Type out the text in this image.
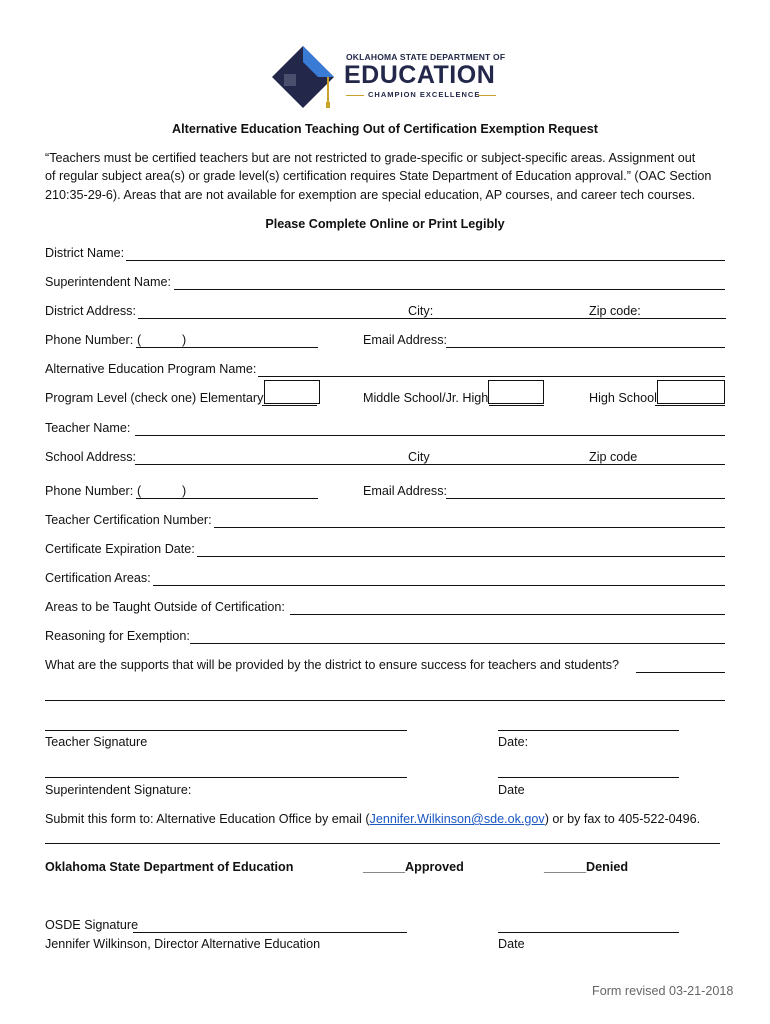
OKLAHOMA STATE DEPARTMENT OF
EDUCATION
CHAMPION EXCELLENCE
Alternative Education Teaching Out of Certification Exemption Request
“Teachers must be certified teachers but are not restricted to grade-specific or subject-specific areas. Assignment out
of regular subject area(s) or grade level(s) certification requires State Department of Education approval.” (OAC Section
210:35-29-6). Areas that are not available for exemption are special education, AP courses, and career tech courses.
Please Complete Online or Print Legibly
District Name:
Superintendent Name:
District Address:	City:	Zip code:
Phone Number: (	)	Email Address:
Alternative Education Program Name:
Program Level (check one) Elementary	Middle School/Jr. High	High School
Teacher Name:
School Address:	City	Zip code
Phone Number: (	)	Email Address:
Teacher Certification Number:
Certificate Expiration Date:
Certification Areas:
Areas to be Taught Outside of Certification:
Reasoning for Exemption:
What are the supports that will be provided by the district to ensure success for teachers and students?
Teacher Signature	Date:
Superintendent Signature:	Date
Submit this form to: Alternative Education Office by email (Jennifer.Wilkinson@sde.ok.gov) or by fax to 405-522-0496.
Oklahoma State Department of Education	______Approved	______Denied
OSDE Signature
Jennifer Wilkinson, Director Alternative Education	Date
Form revised 03-21-2018
